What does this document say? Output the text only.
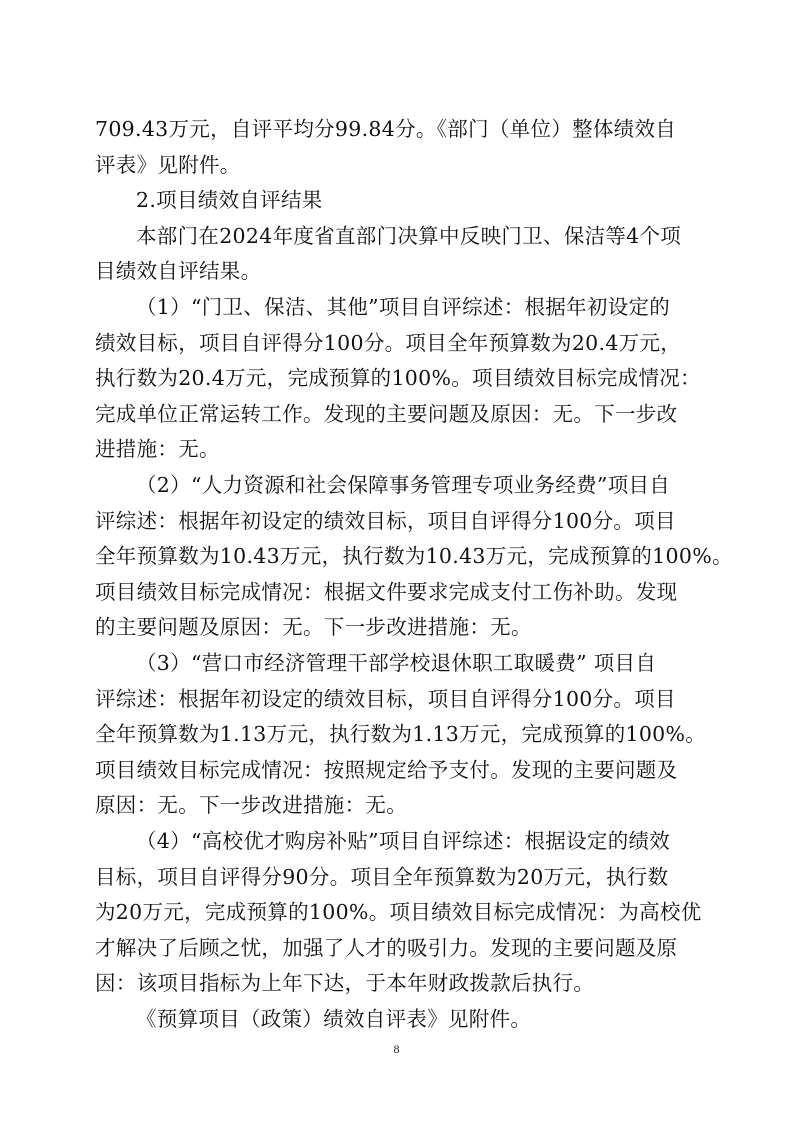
709.43万元，自评平均分99.84分。《部门（单位）整体绩效自
评表》见附件。
2.项目绩效自评结果
本部门在2024年度省直部门决算中反映门卫、保洁等4个项
目绩效自评结果。
（1）“门卫、保洁、其他”项目自评综述：根据年初设定的
绩效目标，项目自评得分100分。项目全年预算数为20.4万元，
执行数为20.4万元，完成预算的100%。项目绩效目标完成情况：
完成单位正常运转工作。发现的主要问题及原因：无。下一步改
进措施：无。
（2）“人力资源和社会保障事务管理专项业务经费”项目自
评综述：根据年初设定的绩效目标，项目自评得分100分。项目
全年预算数为10.43万元，执行数为10.43万元，完成预算的100%。
项目绩效目标完成情况：根据文件要求完成支付工伤补助。发现
的主要问题及原因：无。下一步改进措施：无。
（3）“营口市经济管理干部学校退休职工取暖费” 项目自
评综述：根据年初设定的绩效目标，项目自评得分100分。项目
全年预算数为1.13万元，执行数为1.13万元，完成预算的100%。
项目绩效目标完成情况：按照规定给予支付。发现的主要问题及
原因：无。下一步改进措施：无。
（4）“高校优才购房补贴”项目自评综述：根据设定的绩效
目标，项目自评得分90分。项目全年预算数为20万元，执行数
为20万元，完成预算的100%。项目绩效目标完成情况：为高校优
才解决了后顾之忧，加强了人才的吸引力。发现的主要问题及原
因：该项目指标为上年下达，于本年财政拨款后执行。
《预算项目（政策）绩效自评表》见附件。
8
